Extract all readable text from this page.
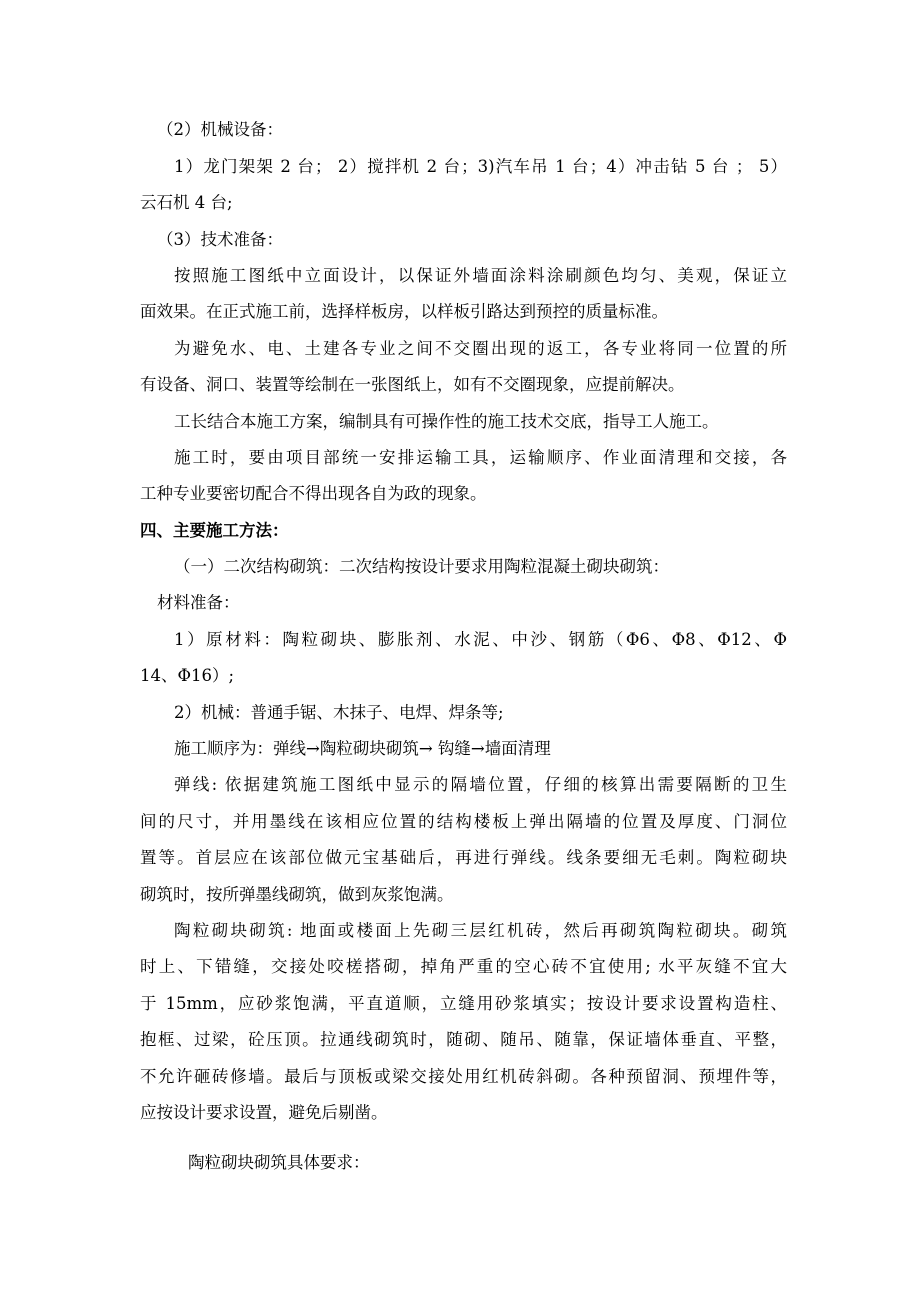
（2）机械设备：
1）龙门架架 2 台； 2）搅拌机 2 台；3)汽车吊 1 台；4）冲击钻 5 台 ； 5）
云石机 4 台;
（3）技术准备：
按照施工图纸中立面设计，以保证外墙面涂料涂刷颜色均匀、美观，保证立
面效果。在正式施工前，选择样板房，以样板引路达到预控的质量标准。
为避免水、电、土建各专业之间不交圈出现的返工，各专业将同一位置的所
有设备、洞口、装置等绘制在一张图纸上，如有不交圈现象，应提前解决。
工长结合本施工方案，编制具有可操作性的施工技术交底，指导工人施工。
施工时，要由项目部统一安排运输工具，运输顺序、作业面清理和交接，各
工种专业要密切配合不得出现各自为政的现象。
四、主要施工方法：
（一）二次结构砌筑：二次结构按设计要求用陶粒混凝土砌块砌筑：
材料准备：
1）原材料：陶粒砌块、膨胀剂、水泥、中沙、钢筋（Φ6、Φ8、Φ12、Φ
14、Φ16）;
2）机械：普通手锯、木抹子、电焊、焊条等;
施工顺序为：弹线→陶粒砌块砌筑→ 钩缝→墙面清理
弹线: 依据建筑施工图纸中显示的隔墙位置，仔细的核算出需要隔断的卫生
间的尺寸，并用墨线在该相应位置的结构楼板上弹出隔墙的位置及厚度、门洞位
置等。首层应在该部位做元宝基础后，再进行弹线。线条要细无毛刺。陶粒砌块
砌筑时，按所弹墨线砌筑，做到灰浆饱满。
陶粒砌块砌筑: 地面或楼面上先砌三层红机砖，然后再砌筑陶粒砌块。砌筑
时上、下错缝，交接处咬槎搭砌，掉角严重的空心砖不宜使用; 水平灰缝不宜大
于 15mm，应砂浆饱满，平直道顺，立缝用砂浆填实；按设计要求设置构造柱、
抱框、过梁，砼压顶。拉通线砌筑时，随砌、随吊、随靠，保证墙体垂直、平整，
不允许砸砖修墙。最后与顶板或梁交接处用红机砖斜砌。各种预留洞、预埋件等，
应按设计要求设置，避免后剔凿。
陶粒砌块砌筑具体要求：
